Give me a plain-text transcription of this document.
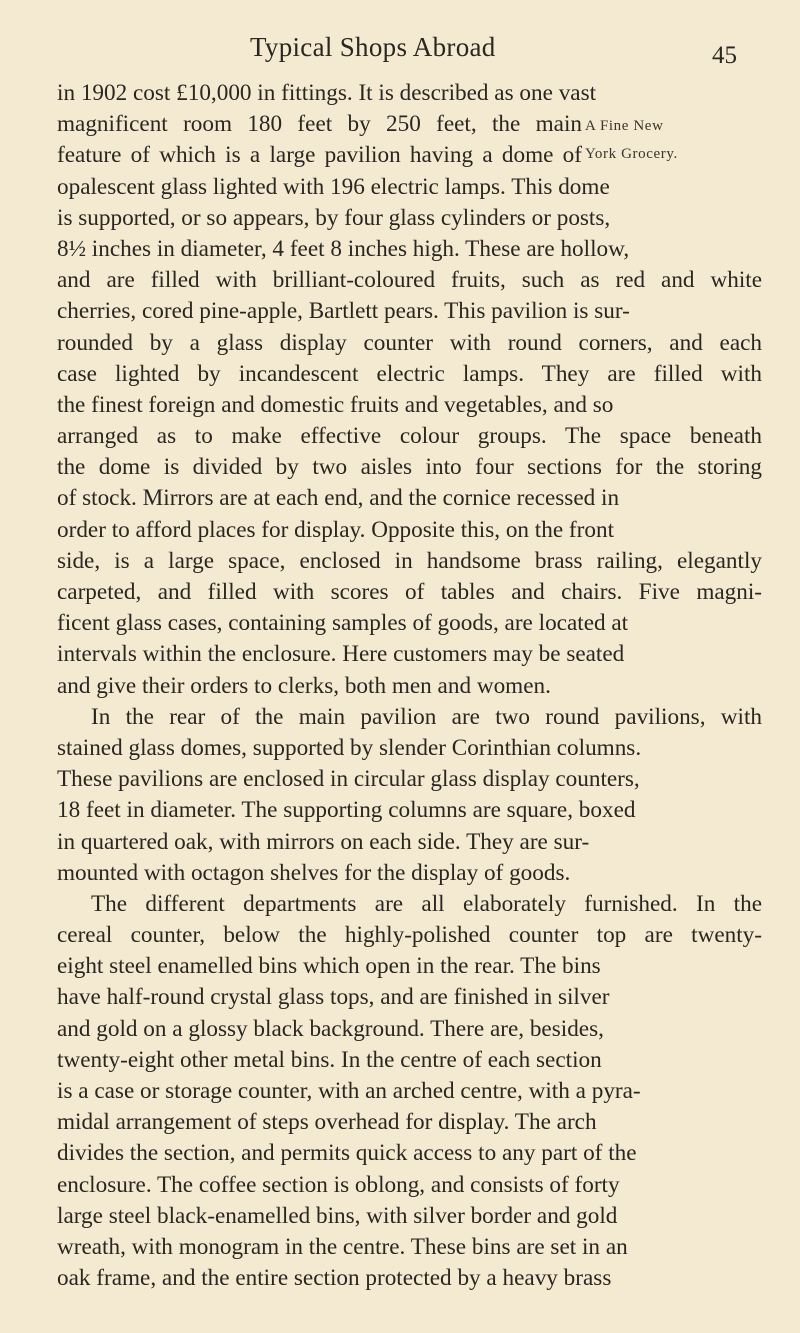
Typical Shops Abroad	45
A Fine New
York Grocery.
in 1902 cost £10,000 in fittings. It is described as one vast
magnificent room 180 feet by 250 feet, the main
feature of which is a large pavilion having a dome of
opalescent glass lighted with 196 electric lamps. This dome
is supported, or so appears, by four glass cylinders or posts,
8½ inches in diameter, 4 feet 8 inches high. These are hollow,
and are filled with brilliant-coloured fruits, such as red and white
cherries, cored pine-apple, Bartlett pears. This pavilion is sur-
rounded by a glass display counter with round corners, and each
case lighted by incandescent electric lamps. They are filled with
the finest foreign and domestic fruits and vegetables, and so
arranged as to make effective colour groups. The space beneath
the dome is divided by two aisles into four sections for the storing
of stock. Mirrors are at each end, and the cornice recessed in
order to afford places for display. Opposite this, on the front
side, is a large space, enclosed in handsome brass railing, elegantly
carpeted, and filled with scores of tables and chairs. Five magni-
ficent glass cases, containing samples of goods, are located at
intervals within the enclosure. Here customers may be seated
and give their orders to clerks, both men and women.
In the rear of the main pavilion are two round pavilions, with
stained glass domes, supported by slender Corinthian columns.
These pavilions are enclosed in circular glass display counters,
18 feet in diameter. The supporting columns are square, boxed
in quartered oak, with mirrors on each side. They are sur-
mounted with octagon shelves for the display of goods.
The different departments are all elaborately furnished. In the
cereal counter, below the highly-polished counter top are twenty-
eight steel enamelled bins which open in the rear. The bins
have half-round crystal glass tops, and are finished in silver
and gold on a glossy black background. There are, besides,
twenty-eight other metal bins. In the centre of each section
is a case or storage counter, with an arched centre, with a pyra-
midal arrangement of steps overhead for display. The arch
divides the section, and permits quick access to any part of the
enclosure. The coffee section is oblong, and consists of forty
large steel black-enamelled bins, with silver border and gold
wreath, with monogram in the centre. These bins are set in an
oak frame, and the entire section protected by a heavy brass
